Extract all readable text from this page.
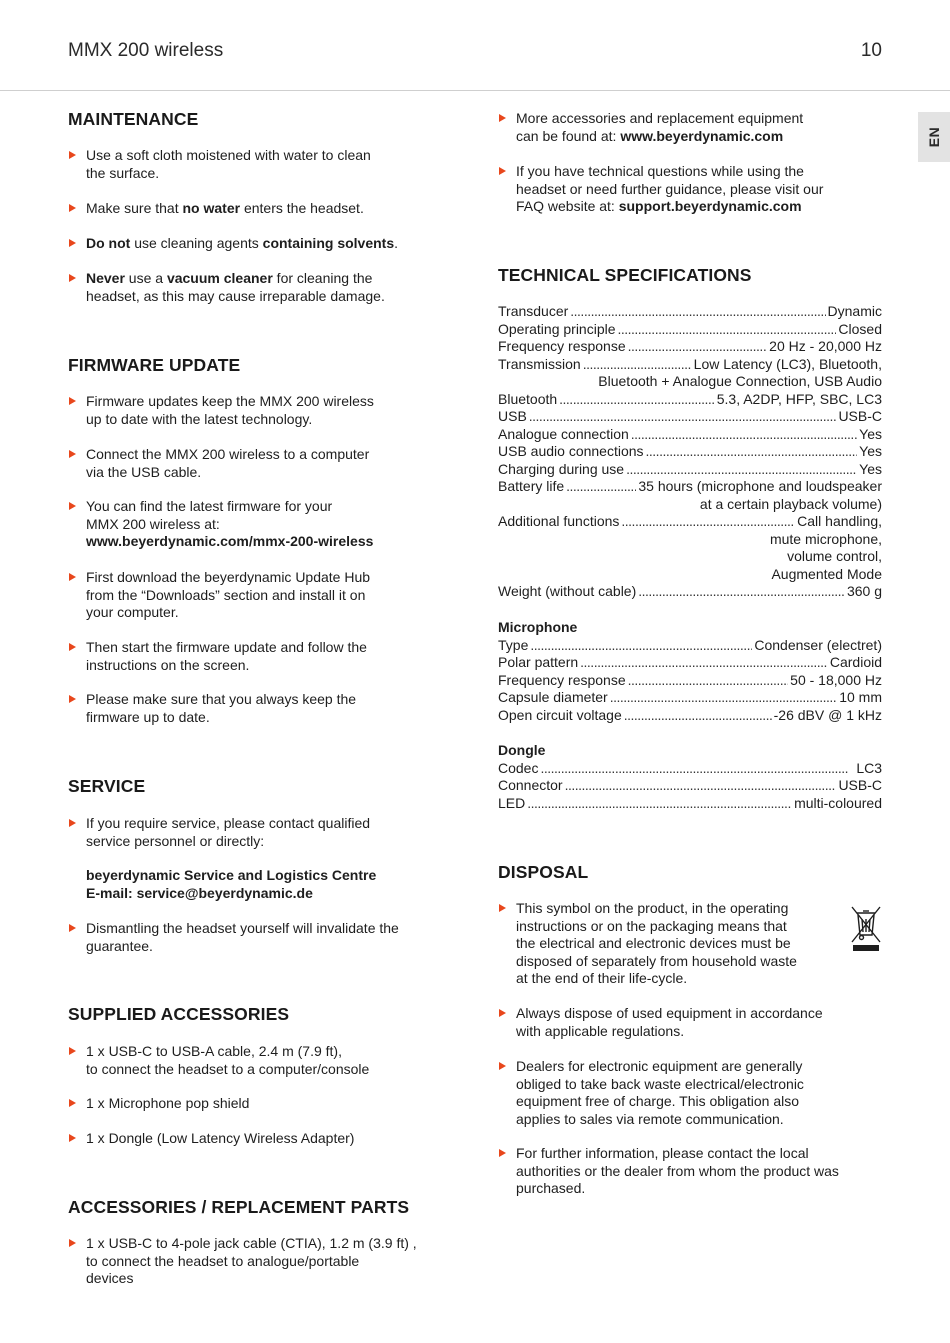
MMX 200 wireless	10
EN
MAINTENANCE
Use a soft cloth moistened with water to clean
the surface.
Make sure that no water enters the headset.
Do not use cleaning agents containing solvents.
Never use a vacuum cleaner for cleaning the
headset, as this may cause irreparable damage.
FIRMWARE UPDATE
Firmware updates keep the MMX 200 wireless
up to date with the latest technology.
Connect the MMX 200 wireless to a computer
via the USB cable.
You can find the latest firmware for your
MMX 200 wireless at:
www.beyerdynamic.com/mmx-200-wireless
First download the beyerdynamic Update Hub
from the “Downloads” section and install it on
your computer.
Then start the firmware update and follow the
instructions on the screen.
Please make sure that you always keep the
firmware up to date.
SERVICE
If you require service, please contact qualified
service personnel or directly:
beyerdynamic Service and Logistics Centre
E-mail: service@beyerdynamic.de
Dismantling the headset yourself will invalidate the
guarantee.
SUPPLIED ACCESSORIES
1 x USB-C to USB-A cable, 2.4 m (7.9 ft),
to connect the headset to a computer/console
1 x Microphone pop shield
1 x Dongle (Low Latency Wireless Adapter)
ACCESSORIES / REPLACEMENT PARTS
1 x USB-C to 4-pole jack cable (CTIA), 1.2 m (3.9 ft) ,
to connect the headset to analogue/portable
devices
More accessories and replacement equipment
can be found at: www.beyerdynamic.com
If you have technical questions while using the
headset or need further guidance, please visit our
FAQ website at: support.beyerdynamic.com
TECHNICAL SPECIFICATIONS
Transducer . . .	Dynamic
Operating principle . . .	Closed
Frequency response . . .	20 Hz - 20,000 Hz
Transmission . . .	Low Latency (LC3), Bluetooth,
Bluetooth + Analogue Connection, USB Audio
Bluetooth . . .	5.3, A2DP, HFP, SBC, LC3
USB . . .	USB-C
Analogue connection . . .	Yes
USB audio connections . . .	Yes
Charging during use . . .	Yes
Battery life . . .	35 hours (microphone and loudspeaker
at a certain playback volume)
Additional functions . . .	Call handling,
mute microphone,
volume control,
Augmented Mode
Weight (without cable) . . .	360 g
Microphone
Type . . .	Condenser (electret)
Polar pattern . . .	Cardioid
Frequency response . . .	50 - 18,000 Hz
Capsule diameter . . .	10 mm
Open circuit voltage . . .	-26 dBV @ 1 kHz
Dongle
Codec . . .	LC3
Connector . . .	USB-C
LED . . .	multi-coloured
DISPOSAL
This symbol on the product, in the operating
instructions or on the packaging means that
the electrical and electronic devices must be
disposed of separately from household waste
at the end of their life-cycle.
Always dispose of used equipment in accordance
with applicable regulations.
Dealers for electronic equipment are generally
obliged to take back waste electrical/electronic
equipment free of charge. This obligation also
applies to sales via remote communication.
For further information, please contact the local
authorities or the dealer from whom the product was
purchased.
